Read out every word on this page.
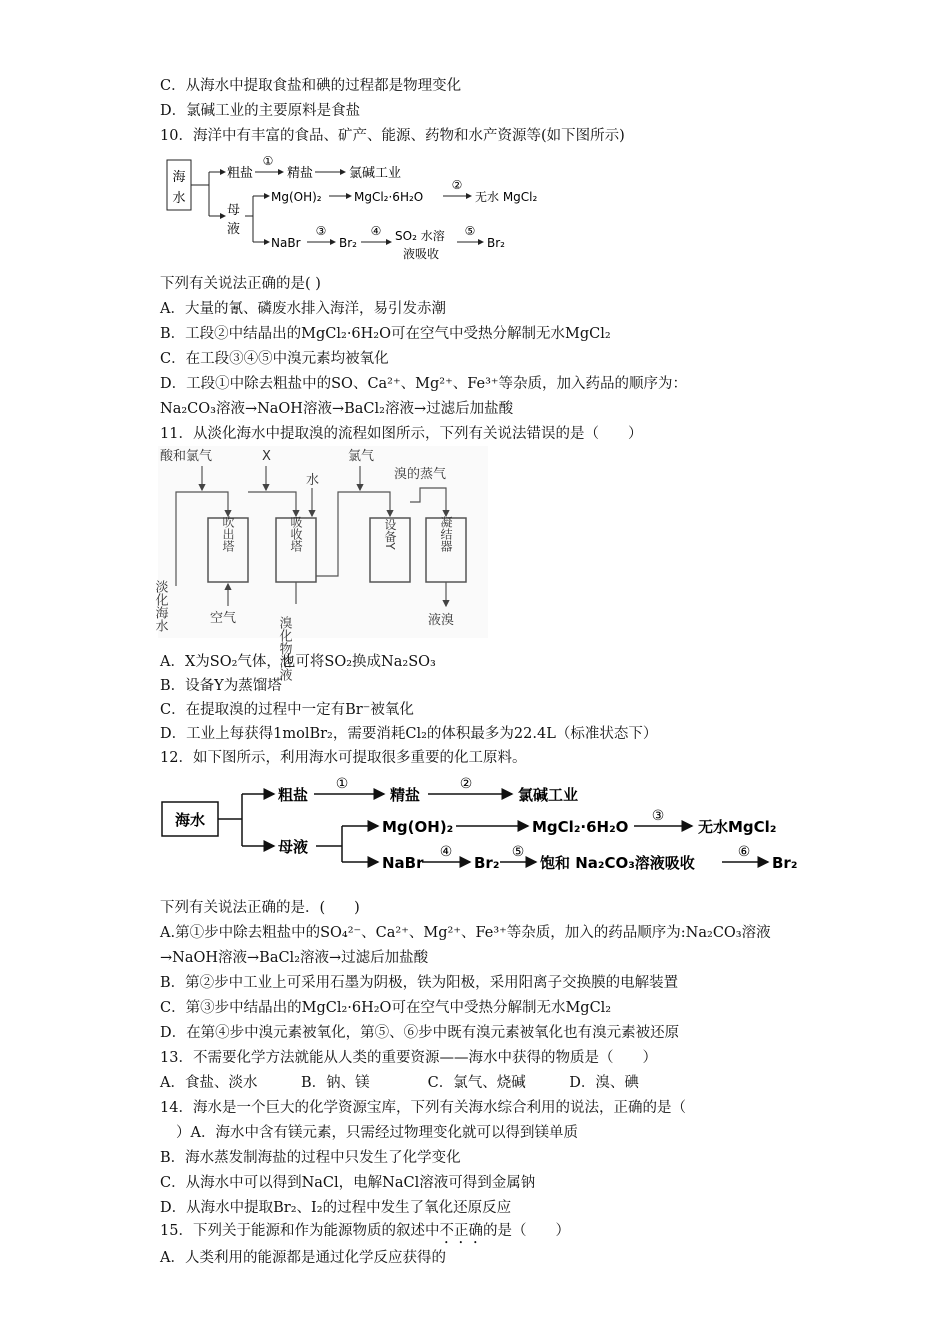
C．从海水中提取食盐和碘的过程都是物理变化
D．氯碱工业的主要原料是食盐
10．海洋中有丰富的食品、矿产、能源、药物和水产资源等(如下图所示)
海
水
粗盐
①
精盐	氯碱工业
母
液
Mg(OH)₂	MgCl₂·6H₂O
②
无水 MgCl₂
NaBr
③
Br₂
④ SO₂ 水溶
液吸收
⑤
Br₂
下列有关说法正确的是( )
A．大量的氰、磷废水排入海洋，易引发赤潮
B．工段②中结晶出的MgCl₂·6H₂O可在空气中受热分解制无水MgCl₂
C．在工段③④⑤中溴元素均被氧化
D．工段①中除去粗盐中的SO、Ca²⁺、Mg²⁺、Fe³⁺等杂质，加入药品的顺序为：
Na₂CO₃溶液→NaOH溶液→BaCl₂溶液→过滤后加盐酸
11．从淡化海水中提取溴的流程如图所示，下列有关说法错误的是（　　）
酸和氯气	X	氯气
溴的蒸气
水
吹出塔	吸收塔	设备Y	凝结器
淡化海水	空气	溴化物溶液	液溴
A．X为SO₂气体，也可将SO₂换成Na₂SO₃
B．设备Y为蒸馏塔
C．在提取溴的过程中一定有Br⁻被氧化
D．工业上每获得1molBr₂，需要消耗Cl₂的体积最多为22.4L（标准状态下）
12．如下图所示，利用海水可提取很多重要的化工原料。
海水
粗盐
①
精盐
②
氯碱工业
母液
Mg(OH)₂	MgCl₂·6H₂O
③
无水MgCl₂
NaBr
④
Br₂
⑤
饱和 Na₂CO₃溶液吸收
⑥
Br₂
下列有关说法正确的是．(　　)
A.第①步中除去粗盐中的SO₄²⁻、Ca²⁺、Mg²⁺、Fe³⁺等杂质，加入的药品顺序为:Na₂CO₃溶液
→NaOH溶液→BaCl₂溶液→过滤后加盐酸
B．第②步中工业上可采用石墨为阴极，铁为阳极，采用阳离子交换膜的电解装置
C．第③步中结晶出的MgCl₂·6H₂O可在空气中受热分解制无水MgCl₂
D．在第④步中溴元素被氧化，第⑤、⑥步中既有溴元素被氧化也有溴元素被还原
13．不需要化学方法就能从人类的重要资源——海水中获得的物质是（　　）
A．食盐、淡水　　　B．钠、镁　　　　C．氯气、烧碱　　　D．溴、碘
14．海水是一个巨大的化学资源宝库，下列有关海水综合利用的说法，正确的是（
）A．海水中含有镁元素，只需经过物理变化就可以得到镁单质
B．海水蒸发制海盐的过程中只发生了化学变化
C．从海水中可以得到NaCl，电解NaCl溶液可得到金属钠
D．从海水中提取Br₂、I₂的过程中发生了氧化还原反应
15．下列关于能源和作为能源物质的叙述中不正确的是（　　）
A．人类利用的能源都是通过化学反应获得的
